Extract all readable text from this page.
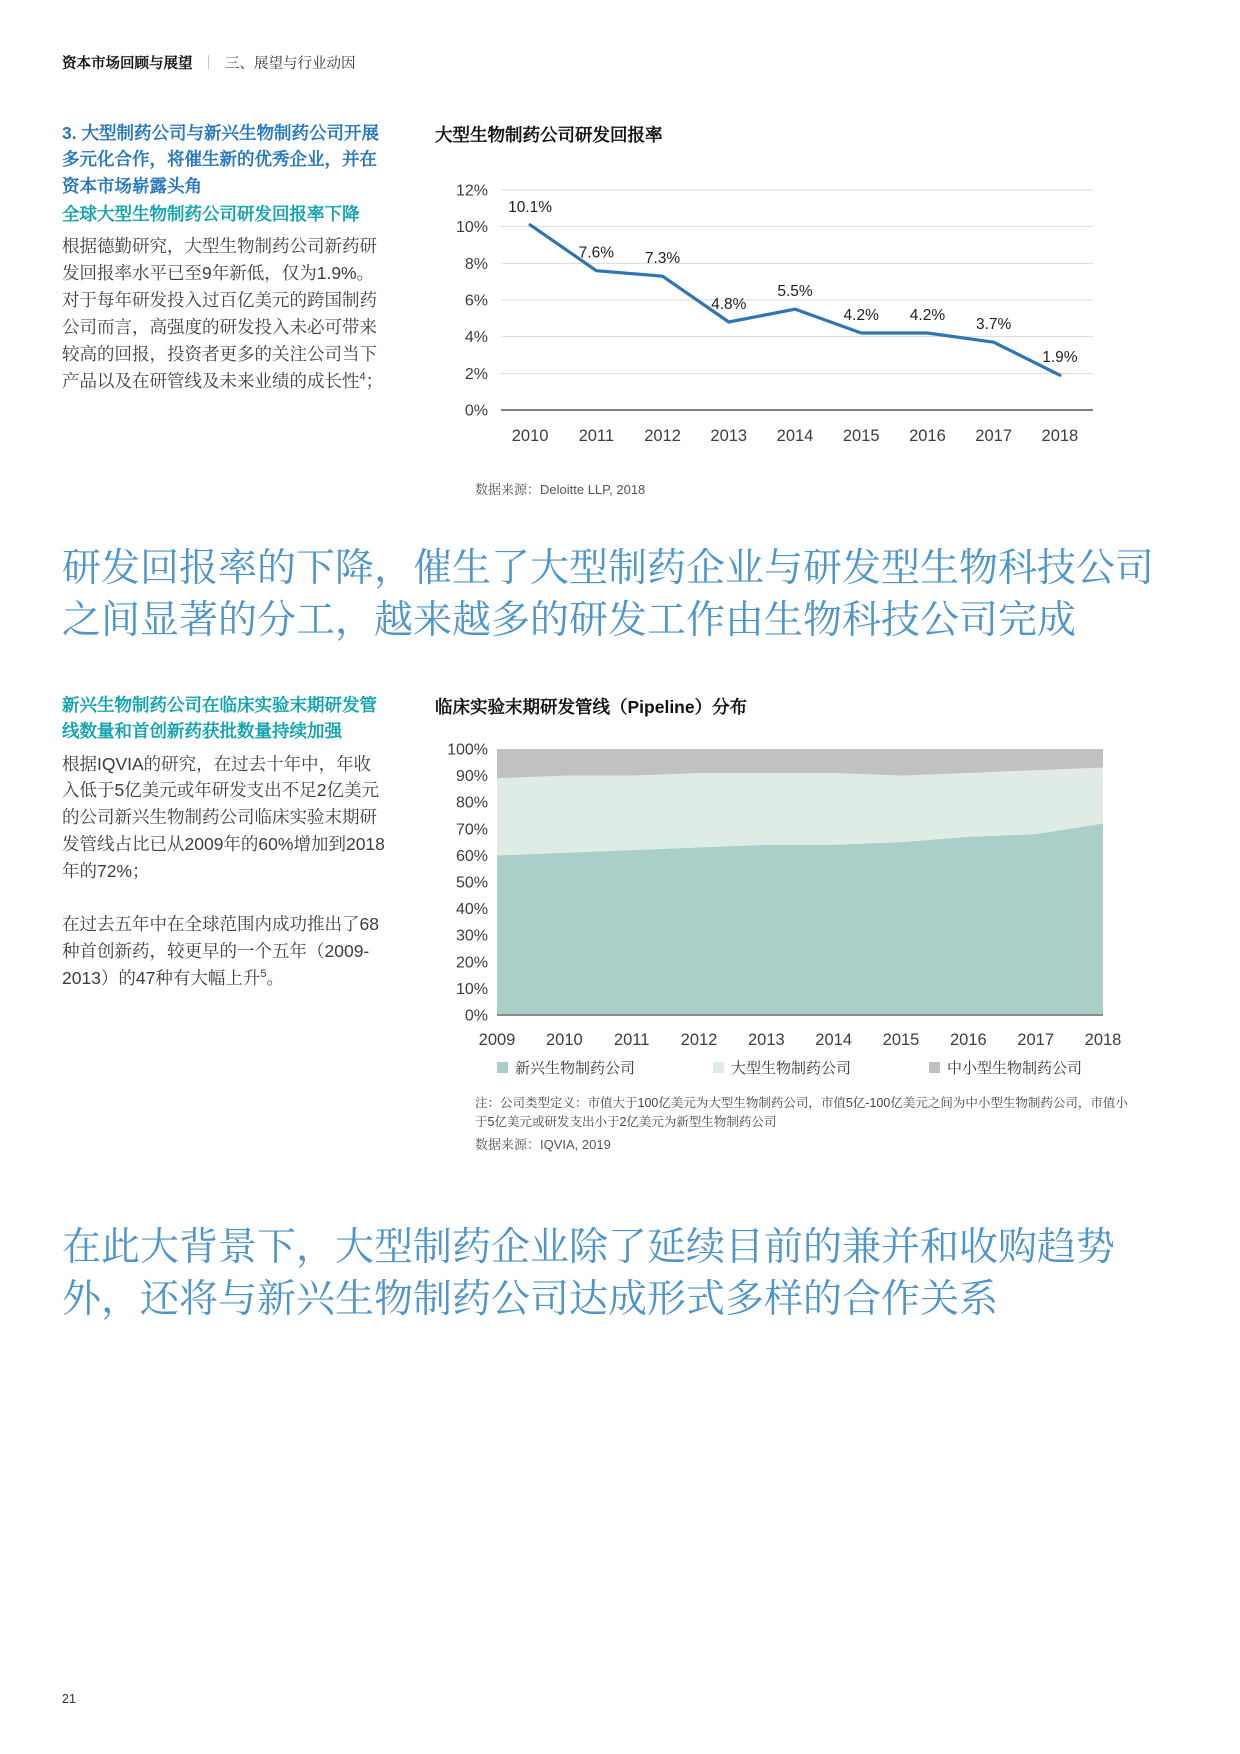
资本市场回顾与展望 ｜ 三、展望与行业动因
3. 大型制药公司与新兴生物制药公司开展多元化合作，将催生新的优秀企业，并在资本市场崭露头角
全球大型生物制药公司研发回报率下降

根据德勤研究，大型生物制药公司新药研发回报率水平已至9年新低，仅为1.9%。对于每年研发投入过百亿美元的跨国制药公司而言，高强度的研发投入未必可带来较高的回报，投资者更多的关注公司当下产品以及在研管线及未来业绩的成长性$^4$；

大型生物制药公司研发回报率
12%
10%
8%
6%
4%
2%
0%
10.1%
2010
7.6%
2011
7.3%
2012
4.8%
2013
5.5%
2014
4.2%
2015
4.2%
2016
3.7%
2017
1.9%
2018

数据来源：Deloitte LLP, 2018

研发回报率的下降，催生了大型制药企业与研发型生物科技公司之间显著的分工，越来越多的研发工作由生物科技公司完成

新兴生物制药公司在临床实验末期研发管线数量和首创新药获批数量持续加强

根据IQVIA的研究，在过去十年中，年收入低于5亿美元或年研发支出不足2亿美元的公司新兴生物制药公司临床实验末期研发管线占比已从2009年的60%增加到2018年的72%；

在过去五年中在全球范围内成功推出了68种首创新药，较更早的一个五年（2009-2013）的47种有大幅上升$^5$。

临床实验末期研发管线（Pipeline）分布
100%
90%
80%
70%
60%
50%
40%
30%
20%
10%
0%
2009 2010 2011 2012 2013 2014 2015 2016 2017 2018
新兴生物制药公司	大型生物制药公司	中小型生物制药公司

注：公司类型定义：市值大于100亿美元为大型生物制药公司，市值5亿-100亿美元之间为中小型生物制药公司，市值小于5亿美元或研发支出小于2亿美元为新型生物制药公司

数据来源：IQVIA, 2019

在此大背景下，大型制药企业除了延续目前的兼并和收购趋势外，还将与新兴生物制药公司达成形式多样的合作关系

21
